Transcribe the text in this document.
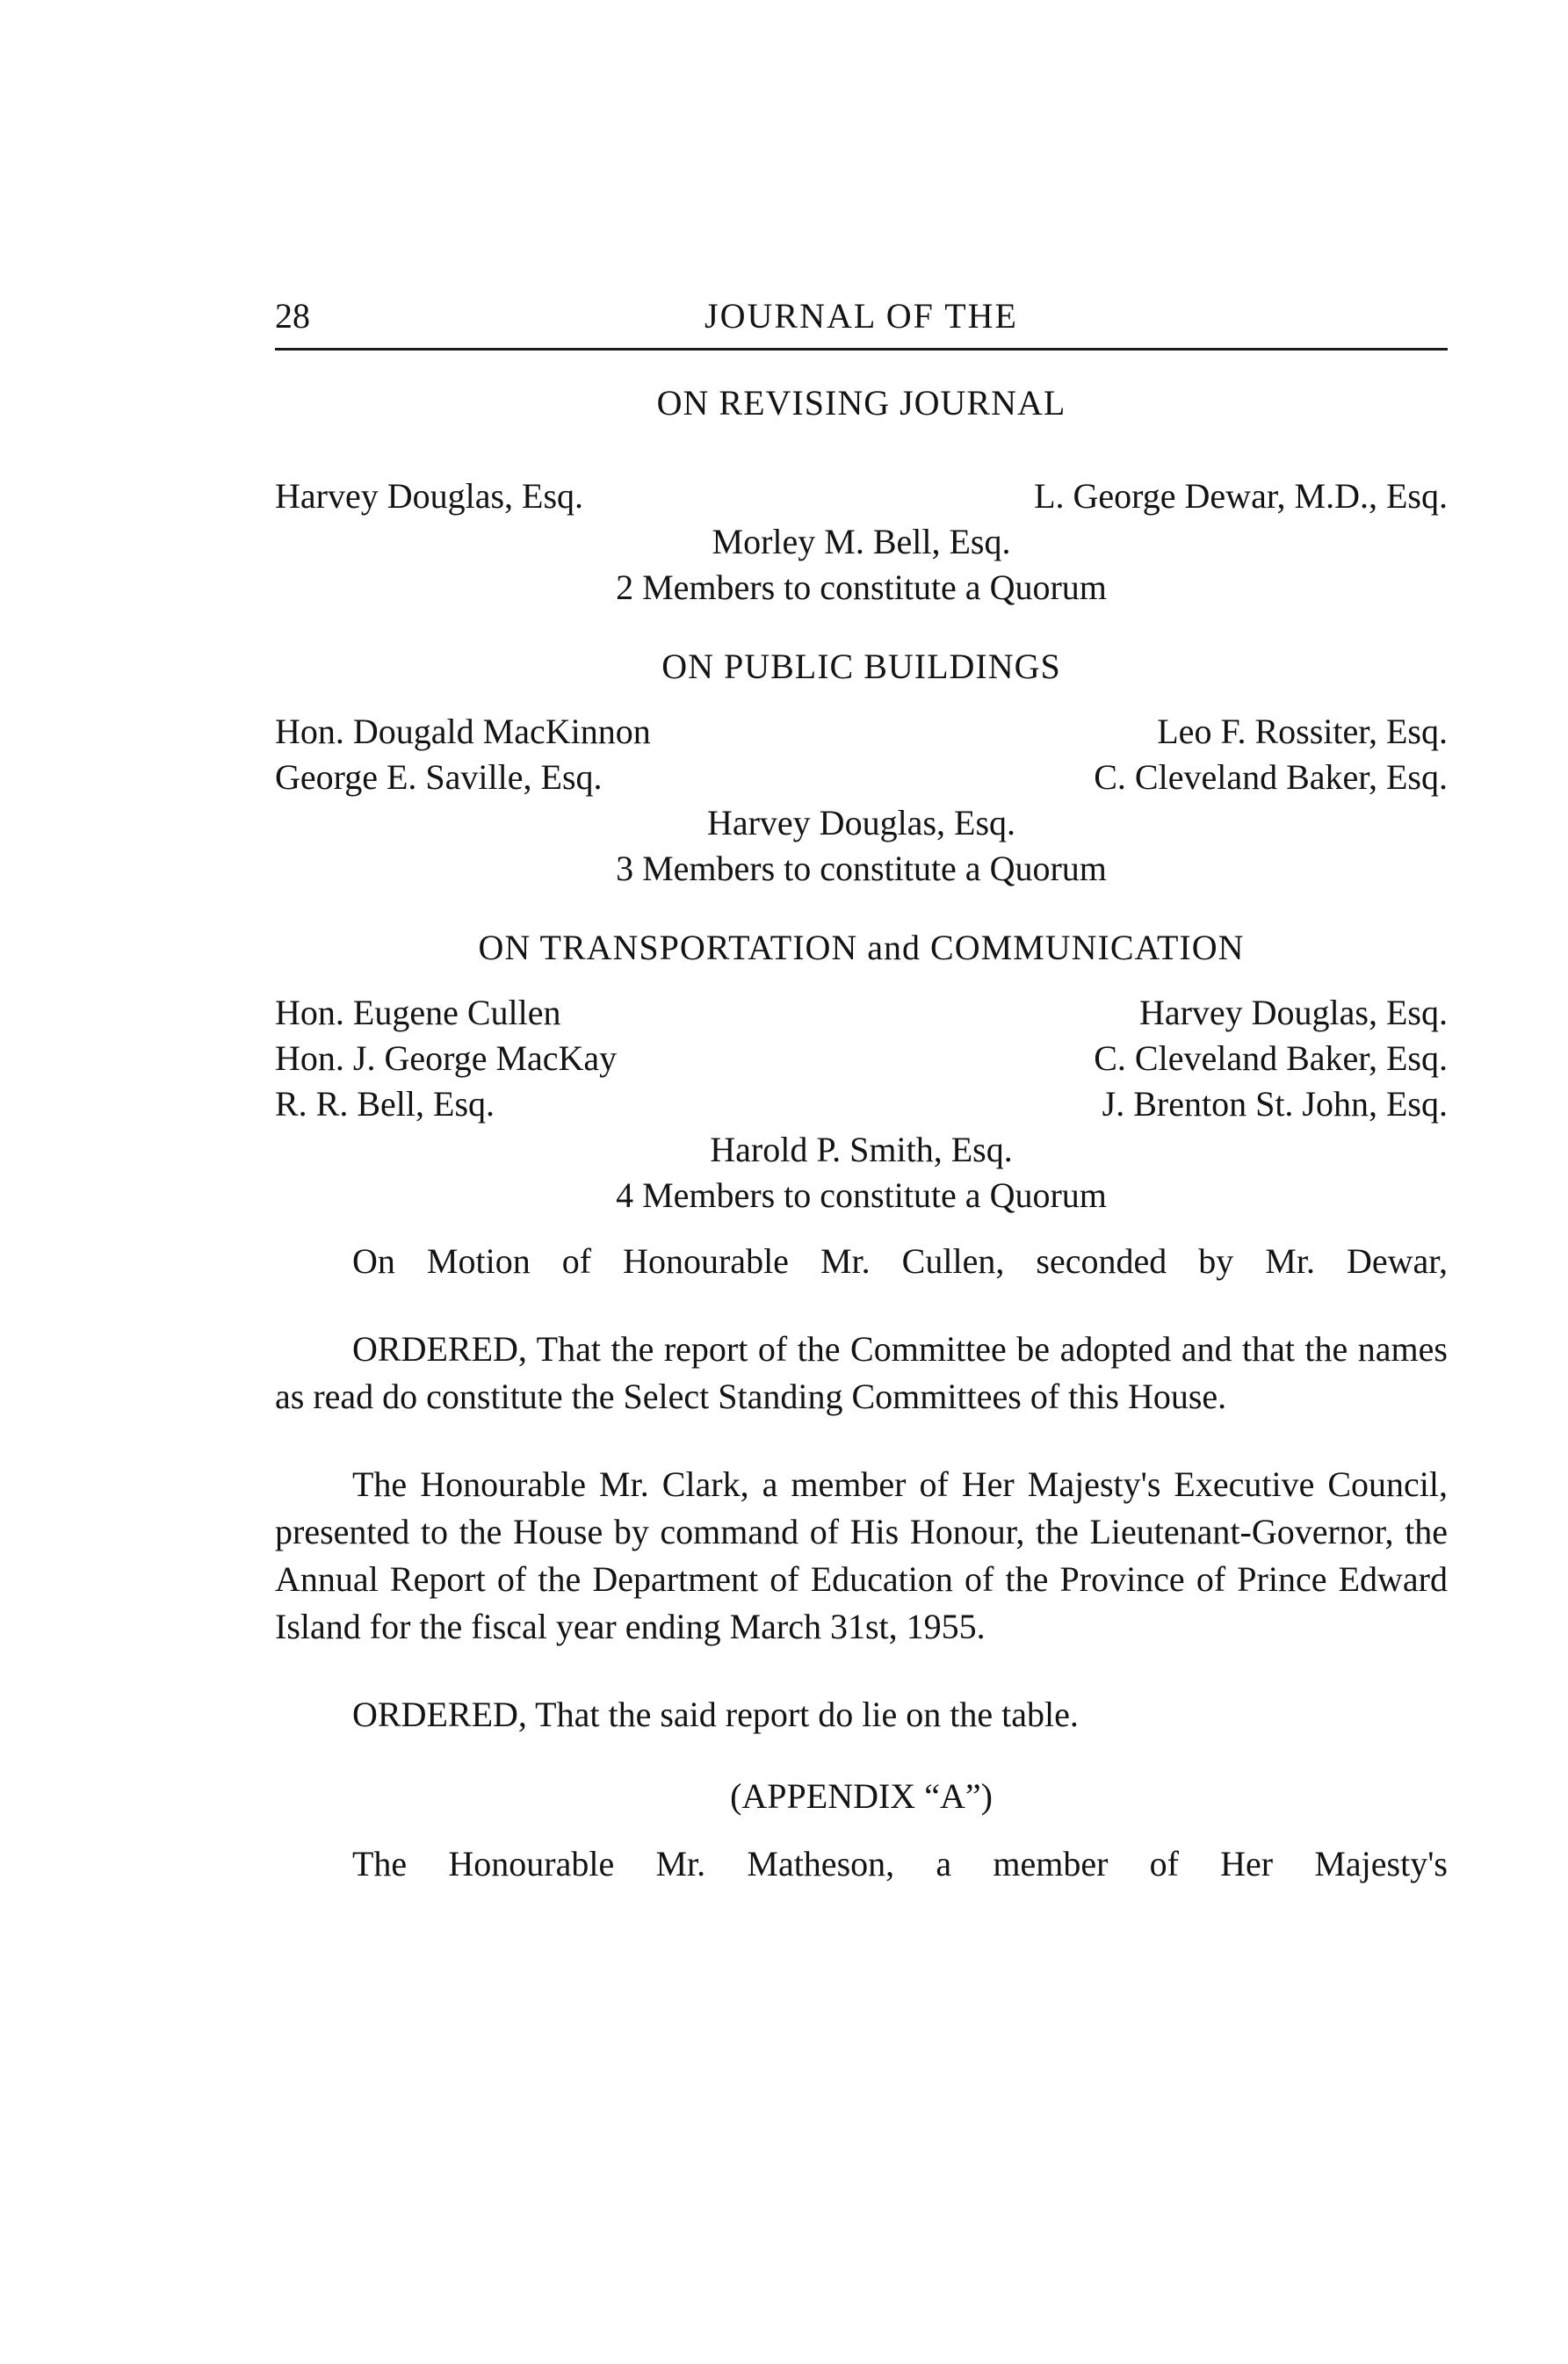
28	JOURNAL OF THE
ON REVISING JOURNAL
Harvey Douglas, Esq.	L. George Dewar, M.D., Esq.
Morley M. Bell, Esq.
2 Members to constitute a Quorum
ON PUBLIC BUILDINGS
Hon. Dougald MacKinnon	Leo F. Rossiter, Esq.
George E. Saville, Esq.	C. Cleveland Baker, Esq.
Harvey Douglas, Esq.
3 Members to constitute a Quorum
ON TRANSPORTATION and COMMUNICATION
Hon. Eugene Cullen	Harvey Douglas, Esq.
Hon. J. George MacKay	C. Cleveland Baker, Esq.
R. R. Bell, Esq.	J. Brenton St. John, Esq.
Harold P. Smith, Esq.
4 Members to constitute a Quorum

On Motion of Honourable Mr. Cullen, seconded by Mr. Dewar,

ORDERED, That the report of the Committee be adopted and that the names as read do constitute the Select Standing Committees of this House.

The Honourable Mr. Clark, a member of Her Majesty's Executive Council, presented to the House by command of His Honour, the Lieutenant-Governor, the Annual Report of the Department of Education of the Province of Prince Edward Island for the fiscal year ending March 31st, 1955.

ORDERED, That the said report do lie on the table.

(APPENDIX “A”)

The Honourable Mr. Matheson, a member of Her Majesty's
